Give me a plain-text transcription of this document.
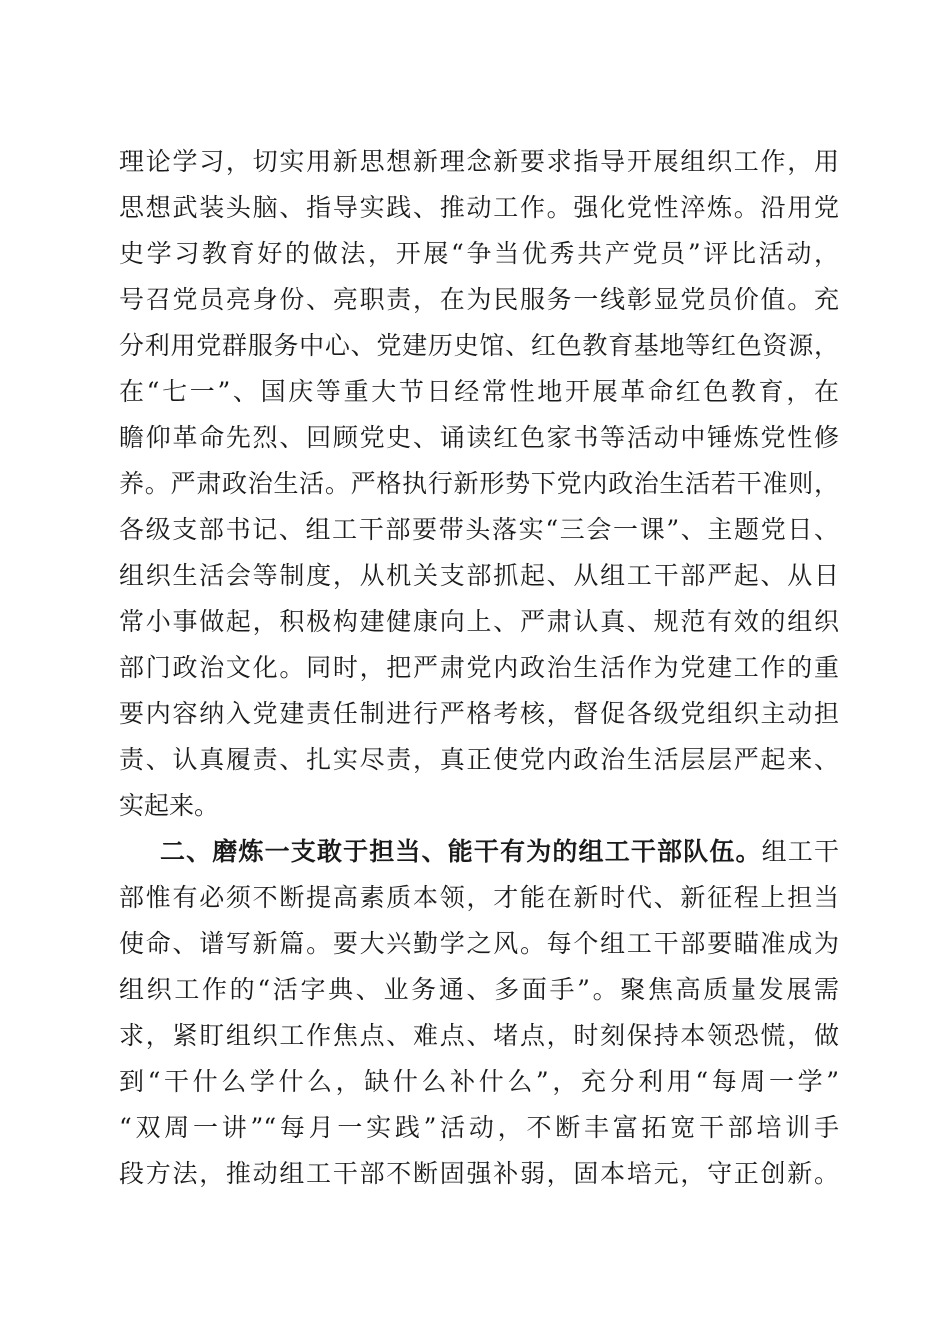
理论学习，切实用新思想新理念新要求指导开展组织工作，用
思想武装头脑、指导实践、推动工作。强化党性淬炼。沿用党
史学习教育好的做法，开展“争当优秀共产党员”评比活动，
号召党员亮身份、亮职责，在为民服务一线彰显党员价值。充
分利用党群服务中心、党建历史馆、红色教育基地等红色资源，
在“七一”、国庆等重大节日经常性地开展革命红色教育，在
瞻仰革命先烈、回顾党史、诵读红色家书等活动中锤炼党性修
养。严肃政治生活。严格执行新形势下党内政治生活若干准则，
各级支部书记、组工干部要带头落实“三会一课”、主题党日、
组织生活会等制度，从机关支部抓起、从组工干部严起、从日
常小事做起，积极构建健康向上、严肃认真、规范有效的组织
部门政治文化。同时，把严肃党内政治生活作为党建工作的重
要内容纳入党建责任制进行严格考核，督促各级党组织主动担
责、认真履责、扎实尽责，真正使党内政治生活层层严起来、
实起来。
二、磨炼一支敢于担当、能干有为的组工干部队伍。组工干
部惟有必须不断提高素质本领，才能在新时代、新征程上担当
使命、谱写新篇。要大兴勤学之风。每个组工干部要瞄准成为
组织工作的“活字典、业务通、多面手”。聚焦高质量发展需
求，紧盯组织工作焦点、难点、堵点，时刻保持本领恐慌，做
到“干什么学什么，缺什么补什么”，充分利用“每周一学”
“双周一讲”“每月一实践”活动，不断丰富拓宽干部培训手
段方法，推动组工干部不断固强补弱，固本培元，守正创新。
